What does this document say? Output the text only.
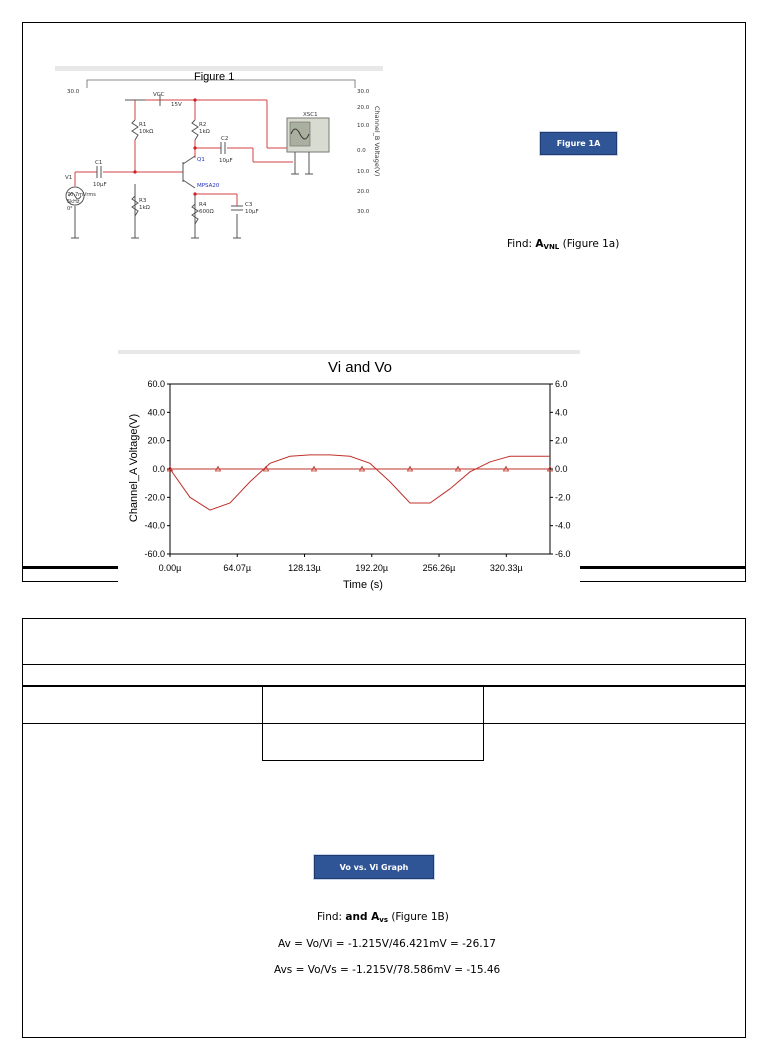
VCC
15V
R1
10kΩ
R2
1kΩ
R3
1kΩ	R4
600Ω
C1
10µF
C2
10µF
C3
10µF
Q1
MPSA20
V1
70.7mVrms
5kHz
0°
XSC1
30.0	30.0
20.0
10.0
0.0
10.0
20.0
30.0
Channel_B Voltage(V)
Figure 1
Figure 1A
Find: $A_{VNL}$ (Figure 1a)
Vi and Vo
Channel_A Voltage(V)
Time (s)
60.0
40.0
20.0
0.0
-20.0
-40.0
-60.0
6.0
4.0
2.0
0.0
-2.0
-4.0
-6.0
0.00µ	64.07µ	128.13µ	192.20µ	256.26µ	320.33µ
Vo vs. Vi Graph
Find: and $A_{vs}$ (Figure 1B)
Av = Vo/Vi = -1.215V/46.421mV = -26.17
Avs = Vo/Vs = -1.215V/78.586mV = -15.46
